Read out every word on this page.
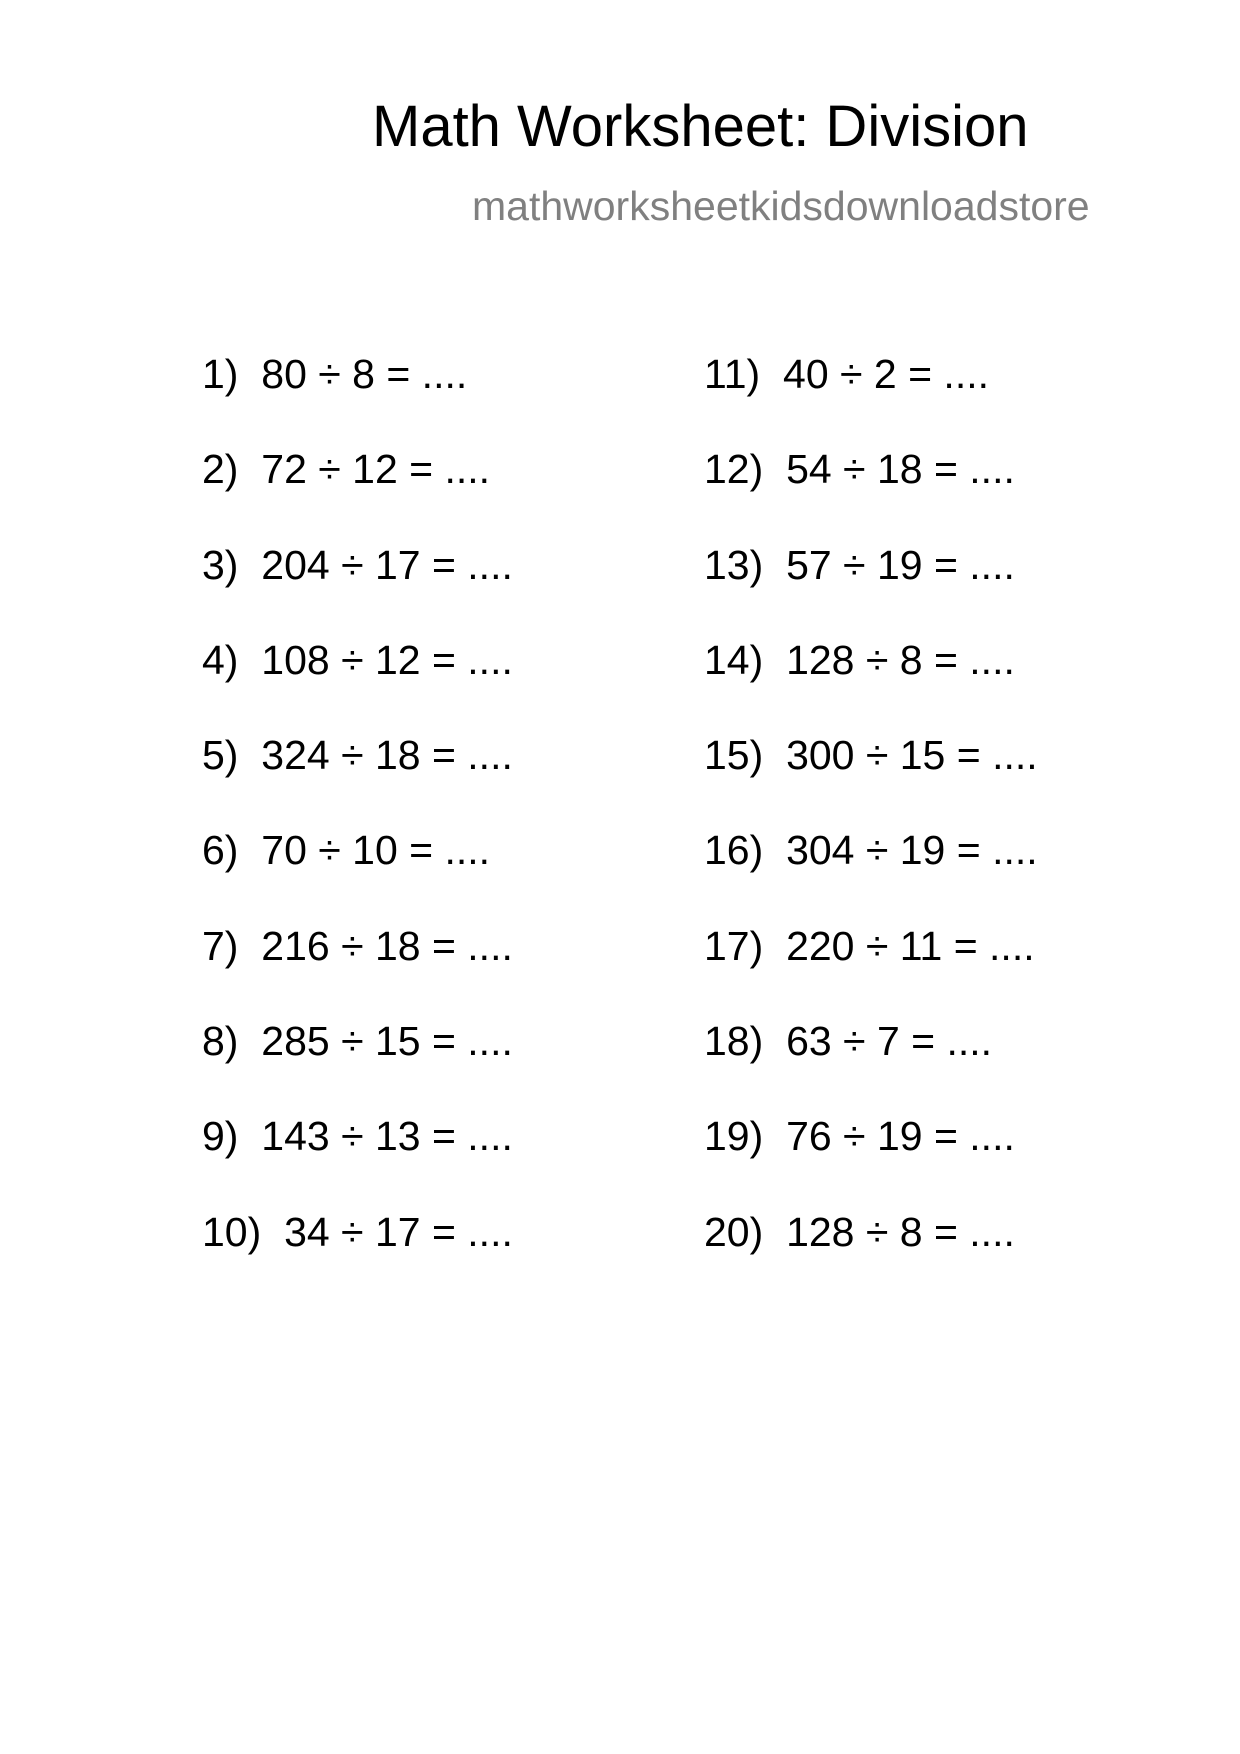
Math Worksheet: Division
mathworksheetkidsdownloadstore
1) 80 ÷ 8 = ....
2) 72 ÷ 12 = ....
3) 204 ÷ 17 = ....
4) 108 ÷ 12 = ....
5) 324 ÷ 18 = ....
6) 70 ÷ 10 = ....
7) 216 ÷ 18 = ....
8) 285 ÷ 15 = ....
9) 143 ÷ 13 = ....
10) 34 ÷ 17 = ....
11) 40 ÷ 2 = ....
12) 54 ÷ 18 = ....
13) 57 ÷ 19 = ....
14) 128 ÷ 8 = ....
15) 300 ÷ 15 = ....
16) 304 ÷ 19 = ....
17) 220 ÷ 11 = ....
18) 63 ÷ 7 = ....
19) 76 ÷ 19 = ....
20) 128 ÷ 8 = ....
